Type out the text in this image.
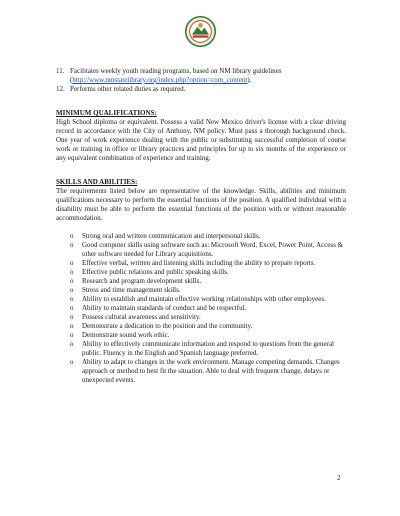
11. Facilitates weekly youth reading programs, based on NM library guidelines
(http://www.nmstatelibrary.org/index.php?option=com_content).
12. Performs other related duties as required.
MINIMUM QUALIFICATIONS:

High School diploma or equivalent. Possess a valid New Mexico driver's license with a clear driving record in accordance with the City of Anthony, NM policy. Must pass a thorough background check. One year of work experience dealing with the public or substituting successful completion of course work or training in office or library practices and principles for up to six months of the experience or any equivalent combination of experience and training.

SKILLS AND ABILITIES:

The requirements listed below are representative of the knowledge. Skills, abilities and minimum qualifications necessary to perform the essential functions of the position. A qualified individual with a disability must be able to perform the essential functions of the position with or without reasonable accommodation.

o Strong oral and written communication and interpersonal skills.
o Good computer skills using software such as: Microsoft Word, Excel, Power Point, Access & other software needed for Library acquisitions.
o Effective verbal, written and listening skills including the ability to prepare reports.
o Effective public relations and public speaking skills.
o Research and program development skills.
o Stress and time management skills.
o Ability to establish and maintain effective working relationships with other employees.
o Ability to maintain standards of conduct and be respectful.
o Possess cultural awareness and sensitivity.
o Demonstrate a dedication to the position and the community.
o Demonstrate sound work ethic.
o Ability to effectively communicate information and respond to questions from the general public. Fluency in the English and Spanish language preferred.
o Ability to adapt to changes in the work environment. Manage competing demands. Changes approach or method to best fit the situation. Able to deal with frequent change, delays or unexpected events.
2
